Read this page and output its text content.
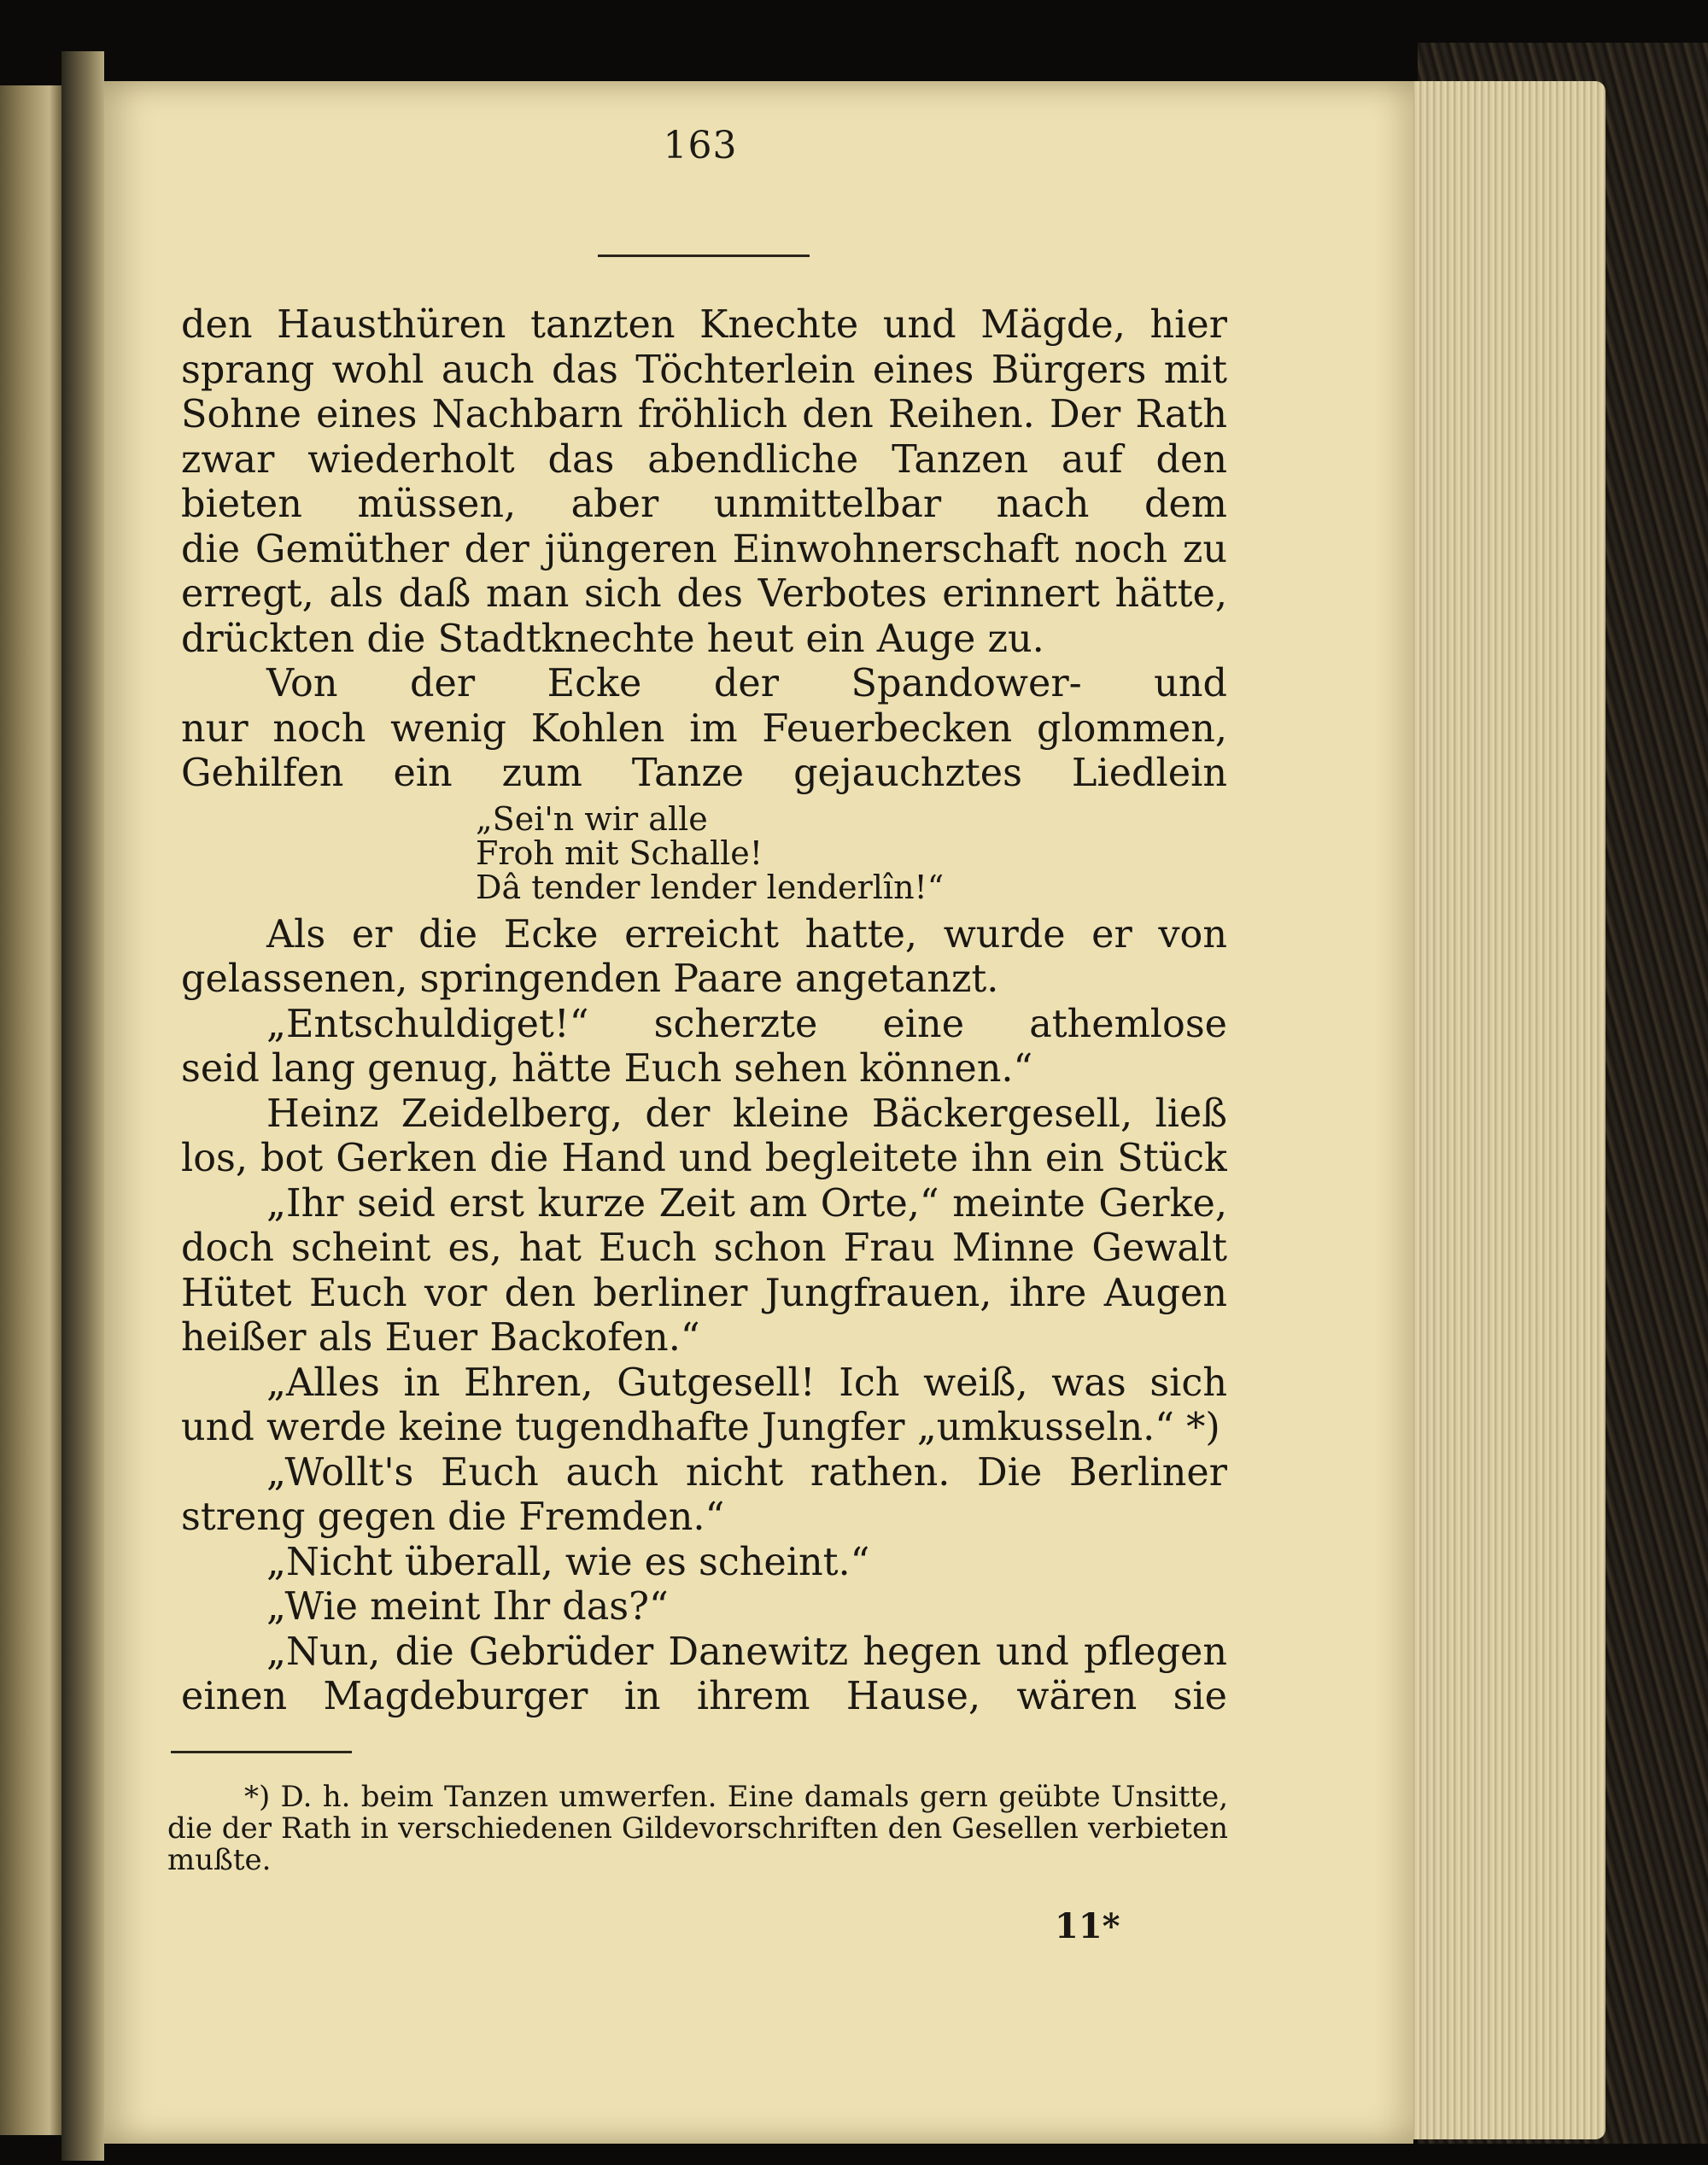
163
den Hausthüren tanzten Knechte und Mägde, hier
sprang wohl auch das Töchterlein eines Bürgers mit
Sohne eines Nachbarn fröhlich den Reihen. Der Rath
zwar wiederholt das abendliche Tanzen auf den
bieten müssen, aber unmittelbar nach dem
die Gemüther der jüngeren Einwohnerschaft noch zu
erregt, als daß man sich des Verbotes erinnert hätte,
drückten die Stadtknechte heut ein Auge zu.
Von der Ecke der Spandower- und
nur noch wenig Kohlen im Feuerbecken glommen,
Gehilfen ein zum Tanze gejauchztes Liedlein
„Sei'n wir alle
Froh mit Schalle!
Dâ tender lender lenderlîn!“
Als er die Ecke erreicht hatte, wurde er von
gelassenen, springenden Paare angetanzt.
„Entschuldiget!“ scherzte eine athemlose
seid lang genug, hätte Euch sehen können.“
Heinz Zeidelberg, der kleine Bäckergesell, ließ
los, bot Gerken die Hand und begleitete ihn ein Stück
„Ihr seid erst kurze Zeit am Orte,“ meinte Gerke,
doch scheint es, hat Euch schon Frau Minne Gewalt
Hütet Euch vor den berliner Jungfrauen, ihre Augen
heißer als Euer Backofen.“
„Alles in Ehren, Gutgesell! Ich weiß, was sich
und werde keine tugendhafte Jungfer „umkusseln.“ *)
„Wollt's Euch auch nicht rathen. Die Berliner
streng gegen die Fremden.“
„Nicht überall, wie es scheint.“
„Wie meint Ihr das?“
„Nun, die Gebrüder Danewitz hegen und pflegen
einen Magdeburger in ihrem Hause, wären sie
*) D. h. beim Tanzen umwerfen. Eine damals gern geübte Unsitte,
die der Rath in verschiedenen Gildevorschriften den Gesellen verbieten
mußte.
11*
